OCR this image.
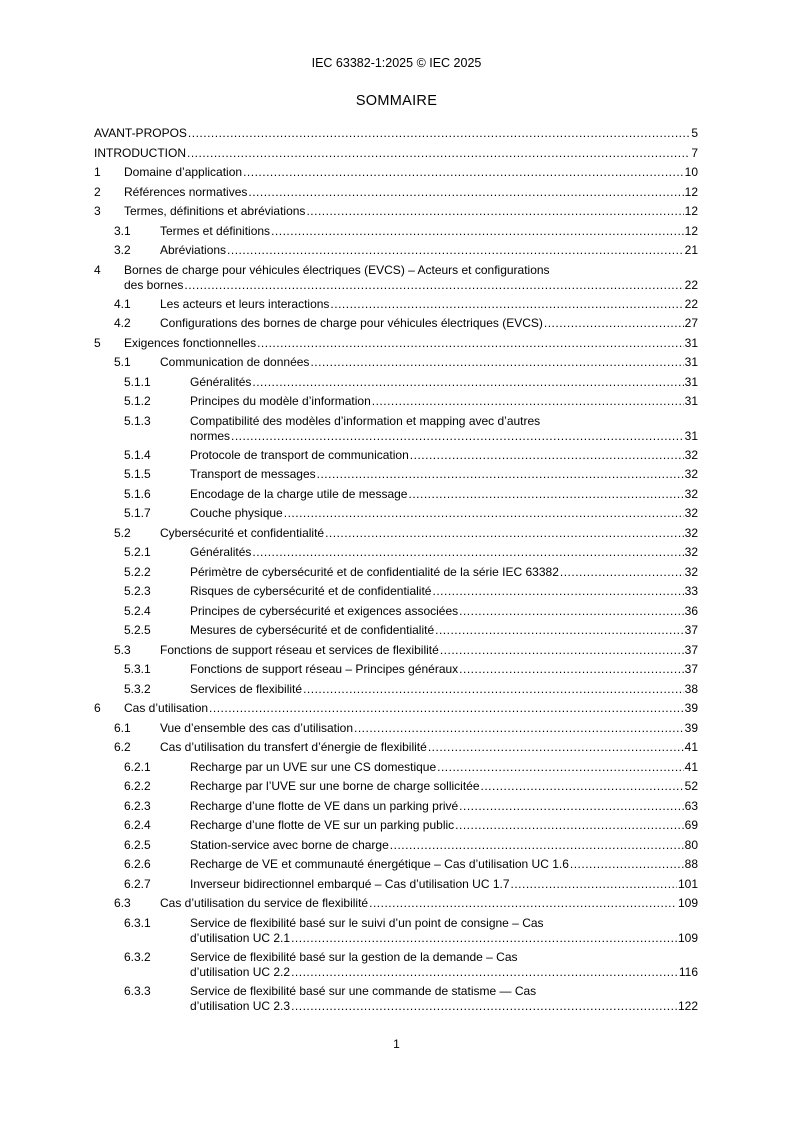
IEC 63382-1:2025 © IEC 2025
SOMMAIRE
AVANT-PROPOS .....	5
INTRODUCTION .....	7
1 Domaine d’application .....	10
2 Références normatives .....	12
3 Termes, définitions et abréviations .....	12
3.1 Termes et définitions .....	12
3.2 Abréviations .....	21
4 Bornes de charge pour véhicules électriques (EVCS) – Acteurs et configurations
des bornes .....	22
4.1 Les acteurs et leurs interactions .....	22
4.2 Configurations des bornes de charge pour véhicules électriques (EVCS) .....	27
5 Exigences fonctionnelles .....	31
5.1 Communication de données .....	31
5.1.1	Généralités .....	31
5.1.2	Principes du modèle d’information .....	31
5.1.3	Compatibilité des modèles d’information et mapping avec d’autres
normes .....	31
5.1.4	Protocole de transport de communication .....	32
5.1.5	Transport de messages .....	32
5.1.6	Encodage de la charge utile de message .....	32
5.1.7	Couche physique .....	32
5.2 Cybersécurité et confidentialité .....	32
5.2.1	Généralités .....	32
5.2.2	Périmètre de cybersécurité et de confidentialité de la série IEC 63382 .....	32
5.2.3	Risques de cybersécurité et de confidentialité .....	33
5.2.4	Principes de cybersécurité et exigences associées .....	36
5.2.5	Mesures de cybersécurité et de confidentialité .....	37
5.3 Fonctions de support réseau et services de flexibilité .....	37
5.3.1	Fonctions de support réseau – Principes généraux .....	37
5.3.2	Services de flexibilité .....	38
6 Cas d’utilisation .....	39
6.1 Vue d’ensemble des cas d’utilisation .....	39
6.2 Cas d’utilisation du transfert d’énergie de flexibilité .....	41
6.2.1	Recharge par un UVE sur une CS domestique .....	41
6.2.2	Recharge par l’UVE sur une borne de charge sollicitée .....	52
6.2.3	Recharge d’une flotte de VE dans un parking privé .....	63
6.2.4	Recharge d’une flotte de VE sur un parking public .....	69
6.2.5	Station-service avec borne de charge .....	80
6.2.6	Recharge de VE et communauté énergétique – Cas d’utilisation UC 1.6 .....	88
6.2.7	Inverseur bidirectionnel embarqué – Cas d’utilisation UC 1.7 .....	101
6.3 Cas d’utilisation du service de flexibilité .....	109
6.3.1	Service de flexibilité basé sur le suivi d’un point de consigne – Cas
d’utilisation UC 2.1 .....	109
6.3.2	Service de flexibilité basé sur la gestion de la demande – Cas
d’utilisation UC 2.2 .....	116
6.3.3	Service de flexibilité basé sur une commande de statisme — Cas
d’utilisation UC 2.3 .....	122
1
